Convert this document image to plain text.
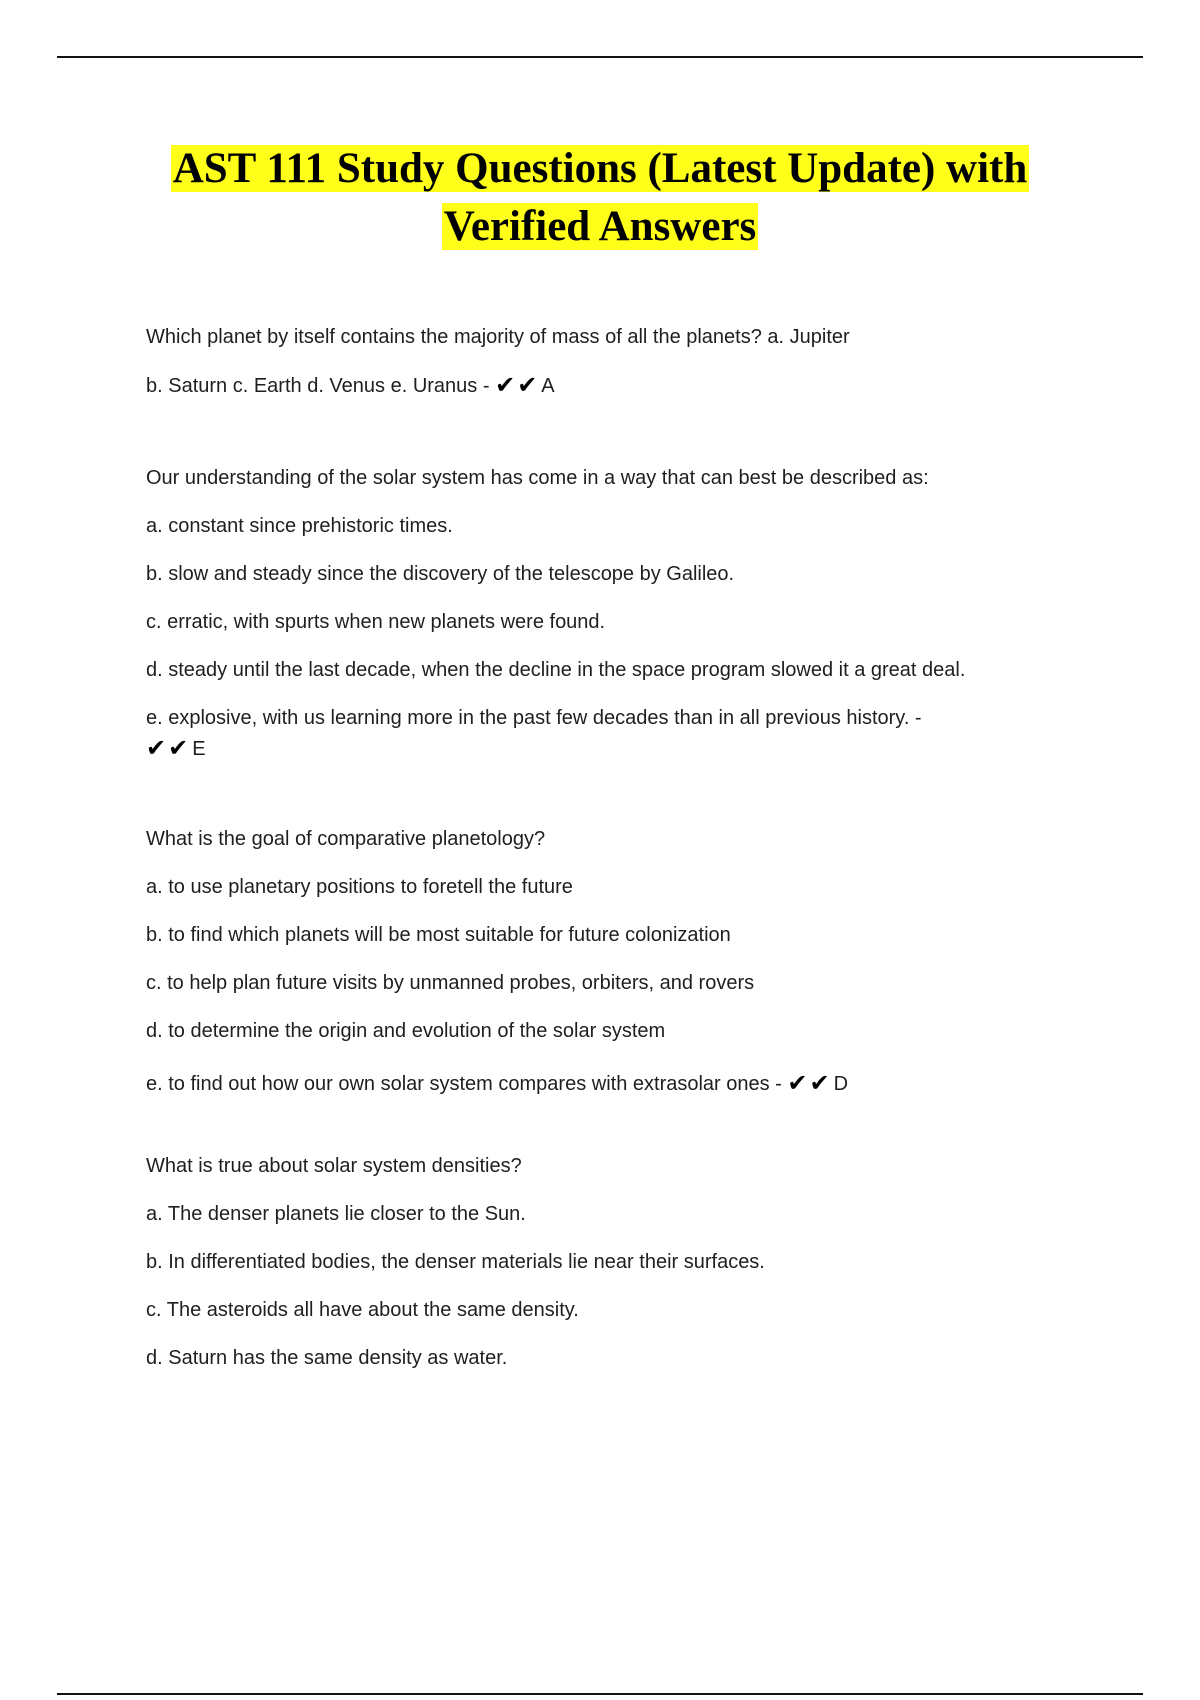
AST 111 Study Questions (Latest Update) with
Verified Answers

Which planet by itself contains the majority of mass of all the planets? a. Jupiter

b. Saturn c. Earth d. Venus e. Uranus - ✔✔ A

Our understanding of the solar system has come in a way that can best be described as:

a. constant since prehistoric times.

b. slow and steady since the discovery of the telescope by Galileo.

c. erratic, with spurts when new planets were found.

d. steady until the last decade, when the decline in the space program slowed it a great deal.

e. explosive, with us learning more in the past few decades than in all previous history. -

✔✔ E

What is the goal of comparative planetology?

a. to use planetary positions to foretell the future

b. to find which planets will be most suitable for future colonization

c. to help plan future visits by unmanned probes, orbiters, and rovers

d. to determine the origin and evolution of the solar system

e. to find out how our own solar system compares with extrasolar ones - ✔✔ D

What is true about solar system densities?

a. The denser planets lie closer to the Sun.

b. In differentiated bodies, the denser materials lie near their surfaces.

c. The asteroids all have about the same density.

d. Saturn has the same density as water.
